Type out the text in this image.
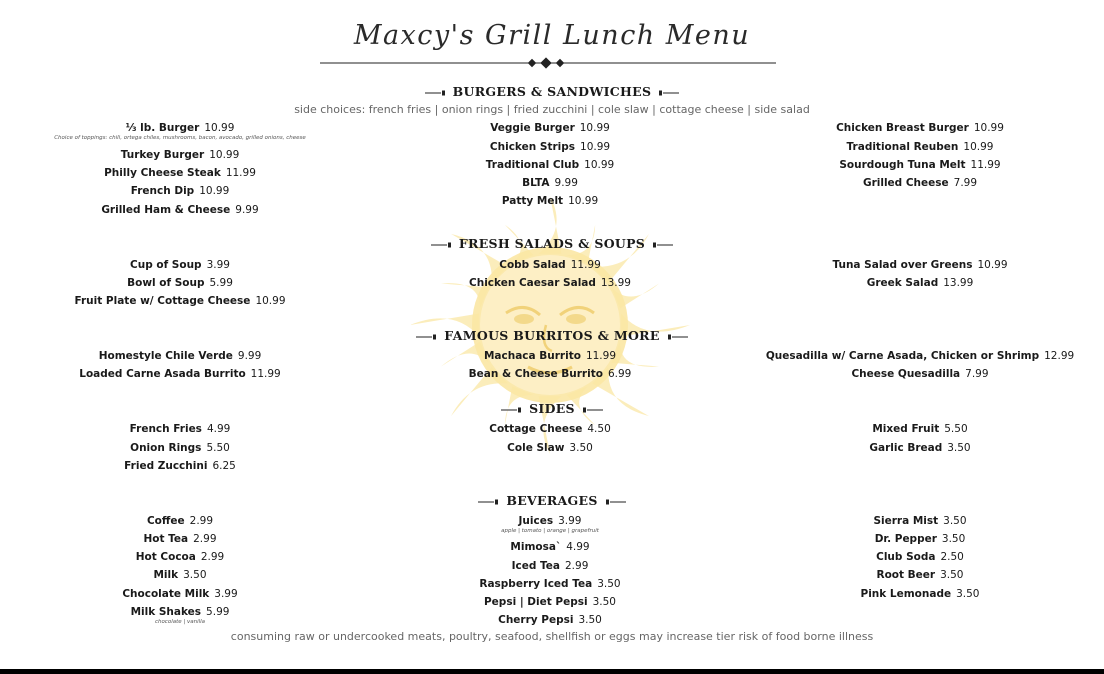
Maxcy's Grill Lunch Menu
BURGERS & SANDWICHES
side choices: french fries | onion rings | fried zucchini | cole slaw | cottage cheese | side salad
FRESH SALADS & SOUPS
FAMOUS BURRITOS & MORE
SIDES
BEVERAGES
consuming raw or undercooked meats, poultry, seafood, shellfish or eggs may increase tier risk of food borne illness
⅓ lb. Burger 10.99
Choice of toppings: chili, ortega chiles, mushrooms, bacon, avocado, grilled onions, cheese
Turkey Burger 10.99
Philly Cheese Steak 11.99
French Dip 10.99
Grilled Ham & Cheese 9.99
Veggie Burger 10.99
Chicken Strips 10.99
Traditional Club 10.99
BLTA 9.99
Patty Melt 10.99
Chicken Breast Burger 10.99
Traditional Reuben 10.99
Sourdough Tuna Melt 11.99
Grilled Cheese 7.99
Cup of Soup 3.99
Bowl of Soup 5.99
Fruit Plate w/ Cottage Cheese 10.99
Cobb Salad 11.99
Chicken Caesar Salad 13.99
Tuna Salad over Greens 10.99
Greek Salad 13.99
Homestyle Chile Verde 9.99
Loaded Carne Asada Burrito 11.99
Machaca Burrito 11.99
Bean & Cheese Burrito 6.99
Quesadilla w/ Carne Asada, Chicken or Shrimp 12.99
Cheese Quesadilla 7.99
French Fries 4.99
Onion Rings 5.50
Fried Zucchini 6.25
Cottage Cheese 4.50
Cole Slaw 3.50
Mixed Fruit 5.50
Garlic Bread 3.50
Coffee 2.99
Hot Tea 2.99
Hot Cocoa 2.99
Milk 3.50
Chocolate Milk 3.99
Milk Shakes 5.99
chocolate | vanilla
Juices 3.99
apple | tomato | orange | grapefruit
Mimosa` 4.99
Iced Tea 2.99
Raspberry Iced Tea 3.50
Pepsi | Diet Pepsi 3.50
Cherry Pepsi 3.50
Sierra Mist 3.50
Dr. Pepper 3.50
Club Soda 2.50
Root Beer 3.50
Pink Lemonade 3.50
